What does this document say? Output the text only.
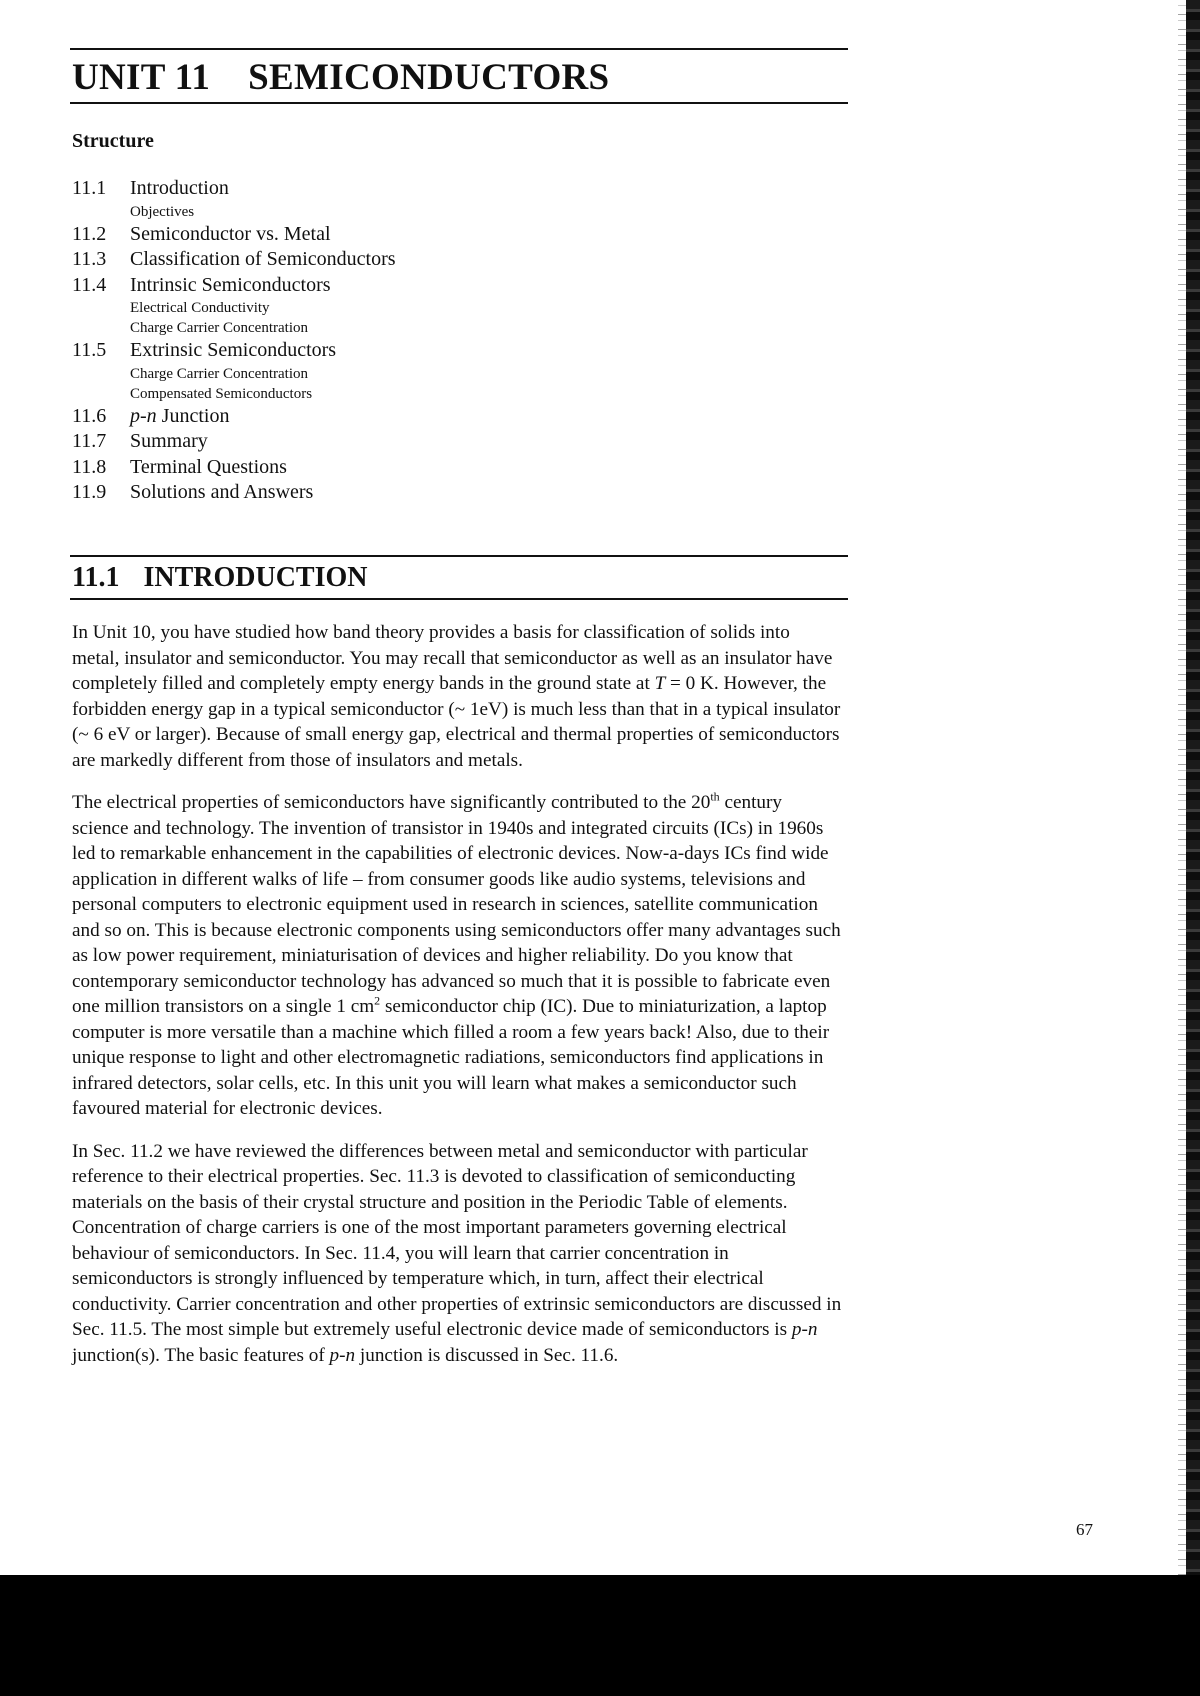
UNIT 11 SEMICONDUCTORS
Structure
11.1	Introduction
Objectives
11.2	Semiconductor vs. Metal
11.3	Classification of Semiconductors
11.4	Intrinsic Semiconductors
Electrical Conductivity
Charge Carrier Concentration
11.5	Extrinsic Semiconductors
Charge Carrier Concentration
Compensated Semiconductors
11.6	p-n Junction
11.7	Summary
11.8	Terminal Questions
11.9	Solutions and Answers
11.1 INTRODUCTION

In Unit 10, you have studied how band theory provides a basis for classification of solids into metal, insulator and semiconductor. You may recall that semiconductor as well as an insulator have completely filled and completely empty energy bands in the ground state at T = 0 K. However, the forbidden energy gap in a typical semiconductor (~ 1eV) is much less than that in a typical insulator (~ 6 eV or larger). Because of small energy gap, electrical and thermal properties of semiconductors are markedly different from those of insulators and metals.

The electrical properties of semiconductors have significantly contributed to the 20th century science and technology. The invention of transistor in 1940s and integrated circuits (ICs) in 1960s led to remarkable enhancement in the capabilities of electronic devices. Now-a-days ICs find wide application in different walks of life – from consumer goods like audio systems, televisions and personal computers to electronic equipment used in research in sciences, satellite communication and so on. This is because electronic components using semiconductors offer many advantages such as low power requirement, miniaturisation of devices and higher reliability. Do you know that contemporary semiconductor technology has advanced so much that it is possible to fabricate even one million transistors on a single 1 $cm^2$ semiconductor chip (IC). Due to miniaturization, a laptop computer is more versatile than a machine which filled a room a few years back! Also, due to their unique response to light and other electromagnetic radiations, semiconductors find applications in infrared detectors, solar cells, etc. In this unit you will learn what makes a semiconductor such favoured material for electronic devices.

In Sec. 11.2 we have reviewed the differences between metal and semiconductor with particular reference to their electrical properties. Sec. 11.3 is devoted to classification of semiconducting materials on the basis of their crystal structure and position in the Periodic Table of elements. Concentration of charge carriers is one of the most important parameters governing electrical behaviour of semiconductors. In Sec. 11.4, you will learn that carrier concentration in semiconductors is strongly influenced by temperature which, in turn, affect their electrical conductivity. Carrier concentration and other properties of extrinsic semiconductors are discussed in Sec. 11.5. The most simple but extremely useful electronic device made of semiconductors is p-n junction(s). The basic features of p-n junction is discussed in Sec. 11.6.

67
